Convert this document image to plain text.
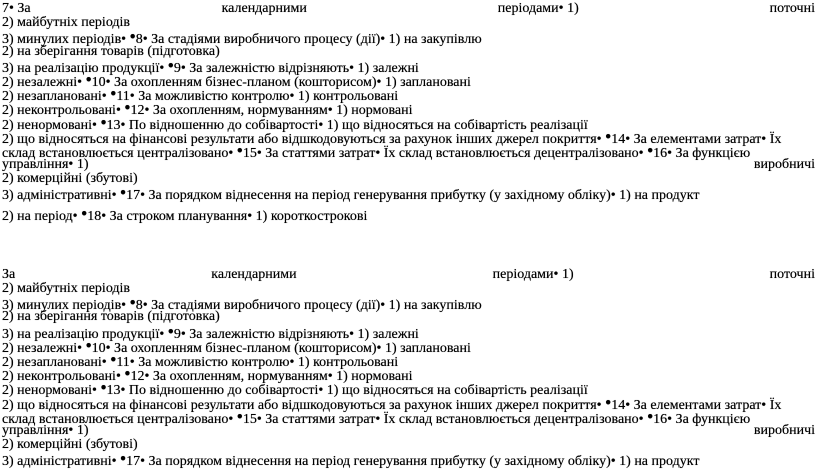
7• За	календарними	періодами• 1)	поточні
2) майбутніх періодів
3) минулих періодів• ●8• За стадіями виробничого процесу (дії)• 1) на закупівлю
2) на зберігання товарів (підготовка)
3) на реалізацію продукції• ●9• За залежністю відрізняють• 1) залежні
2) незалежні• ●10• За охопленням бізнес-планом (кошторисом)• 1) заплановані
2) незаплановані• ●11• За можливістю контролю• 1) контрольовані
2) неконтрольовані• ●12• За охопленням, нормуванням• 1) нормовані
2) ненормовані• ●13• По відношенню до собівартості• 1) що відносяться на собівартість реалізації
2) що відносяться на фінансові результати або відшкодовуються за рахунок інших джерел покриття• ●14• За елементами затрат• Їх
склад встановлюється централізовано• ●15• За статтями затрат• Їх склад встановлюється децентралізовано• ●16• За функцією
управління• 1)	виробничі
2) комерційні (збутові)
3) адміністративні• ●17• За порядком віднесення на період генерування прибутку (у західному обліку)• 1) на продукт
2) на період• ●18• За строком планування• 1) короткострокові
За	календарними	періодами• 1)	поточні
2) майбутніх періодів
3) минулих періодів• ●8• За стадіями виробничого процесу (дії)• 1) на закупівлю
2) на зберігання товарів (підготовка)
3) на реалізацію продукції• ●9• За залежністю відрізняють• 1) залежні
2) незалежні• ●10• За охопленням бізнес-планом (кошторисом)• 1) заплановані
2) незаплановані• ●11• За можливістю контролю• 1) контрольовані
2) неконтрольовані• ●12• За охопленням, нормуванням• 1) нормовані
2) ненормовані• ●13• По відношенню до собівартості• 1) що відносяться на собівартість реалізації
2) що відносяться на фінансові результати або відшкодовуються за рахунок інших джерел покриття• ●14• За елементами затрат• Їх
склад встановлюється централізовано• ●15• За статтями затрат• Їх склад встановлюється децентралізовано• ●16• За функцією
управління• 1)	виробничі
2) комерційні (збутові)
3) адміністративні• ●17• За порядком віднесення на період генерування прибутку (у західному обліку)• 1) на продукт
